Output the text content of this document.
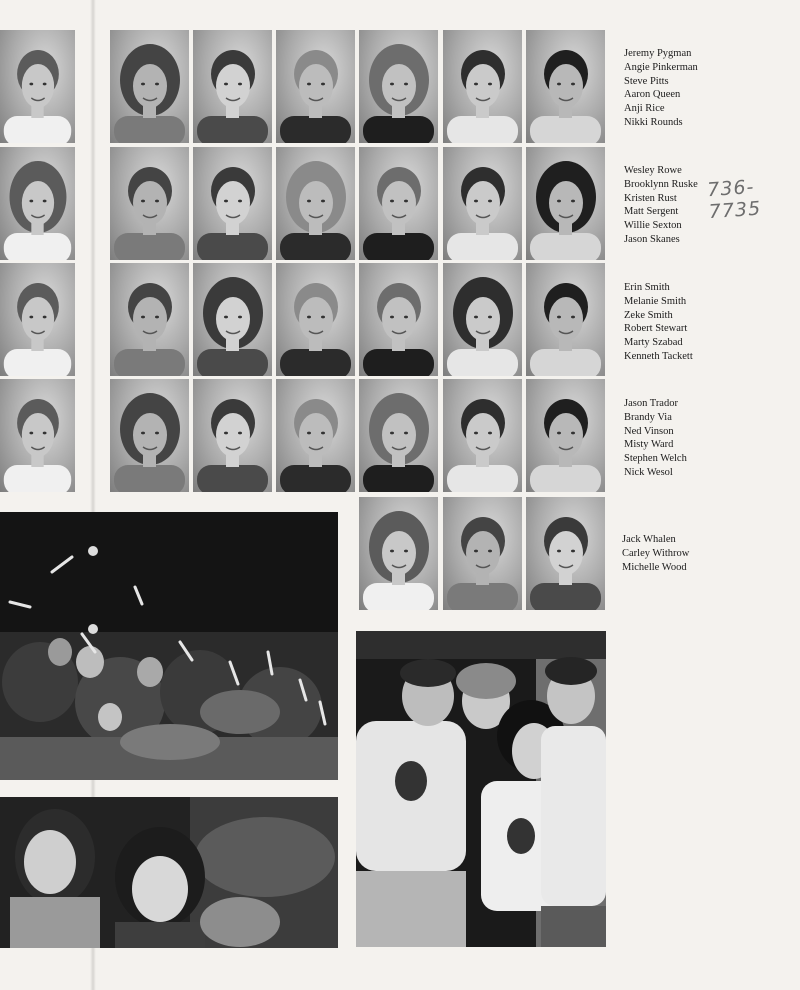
Jeremy Pygman
Angie Pinkerman
Steve Pitts
Aaron Queen
Anji Rice
Nikki Rounds
Wesley Rowe
Brooklynn Ruske
Kristen Rust
Matt Sergent
Willie Sexton
Jason Skanes
736-7735
Erin Smith
Melanie Smith
Zeke Smith
Robert Stewart
Marty Szabad
Kenneth Tackett
Jason Trador
Brandy Via
Ned Vinson
Misty Ward
Stephen Welch
Nick Wesol
Jack Whalen
Carley Withrow
Michelle Wood
